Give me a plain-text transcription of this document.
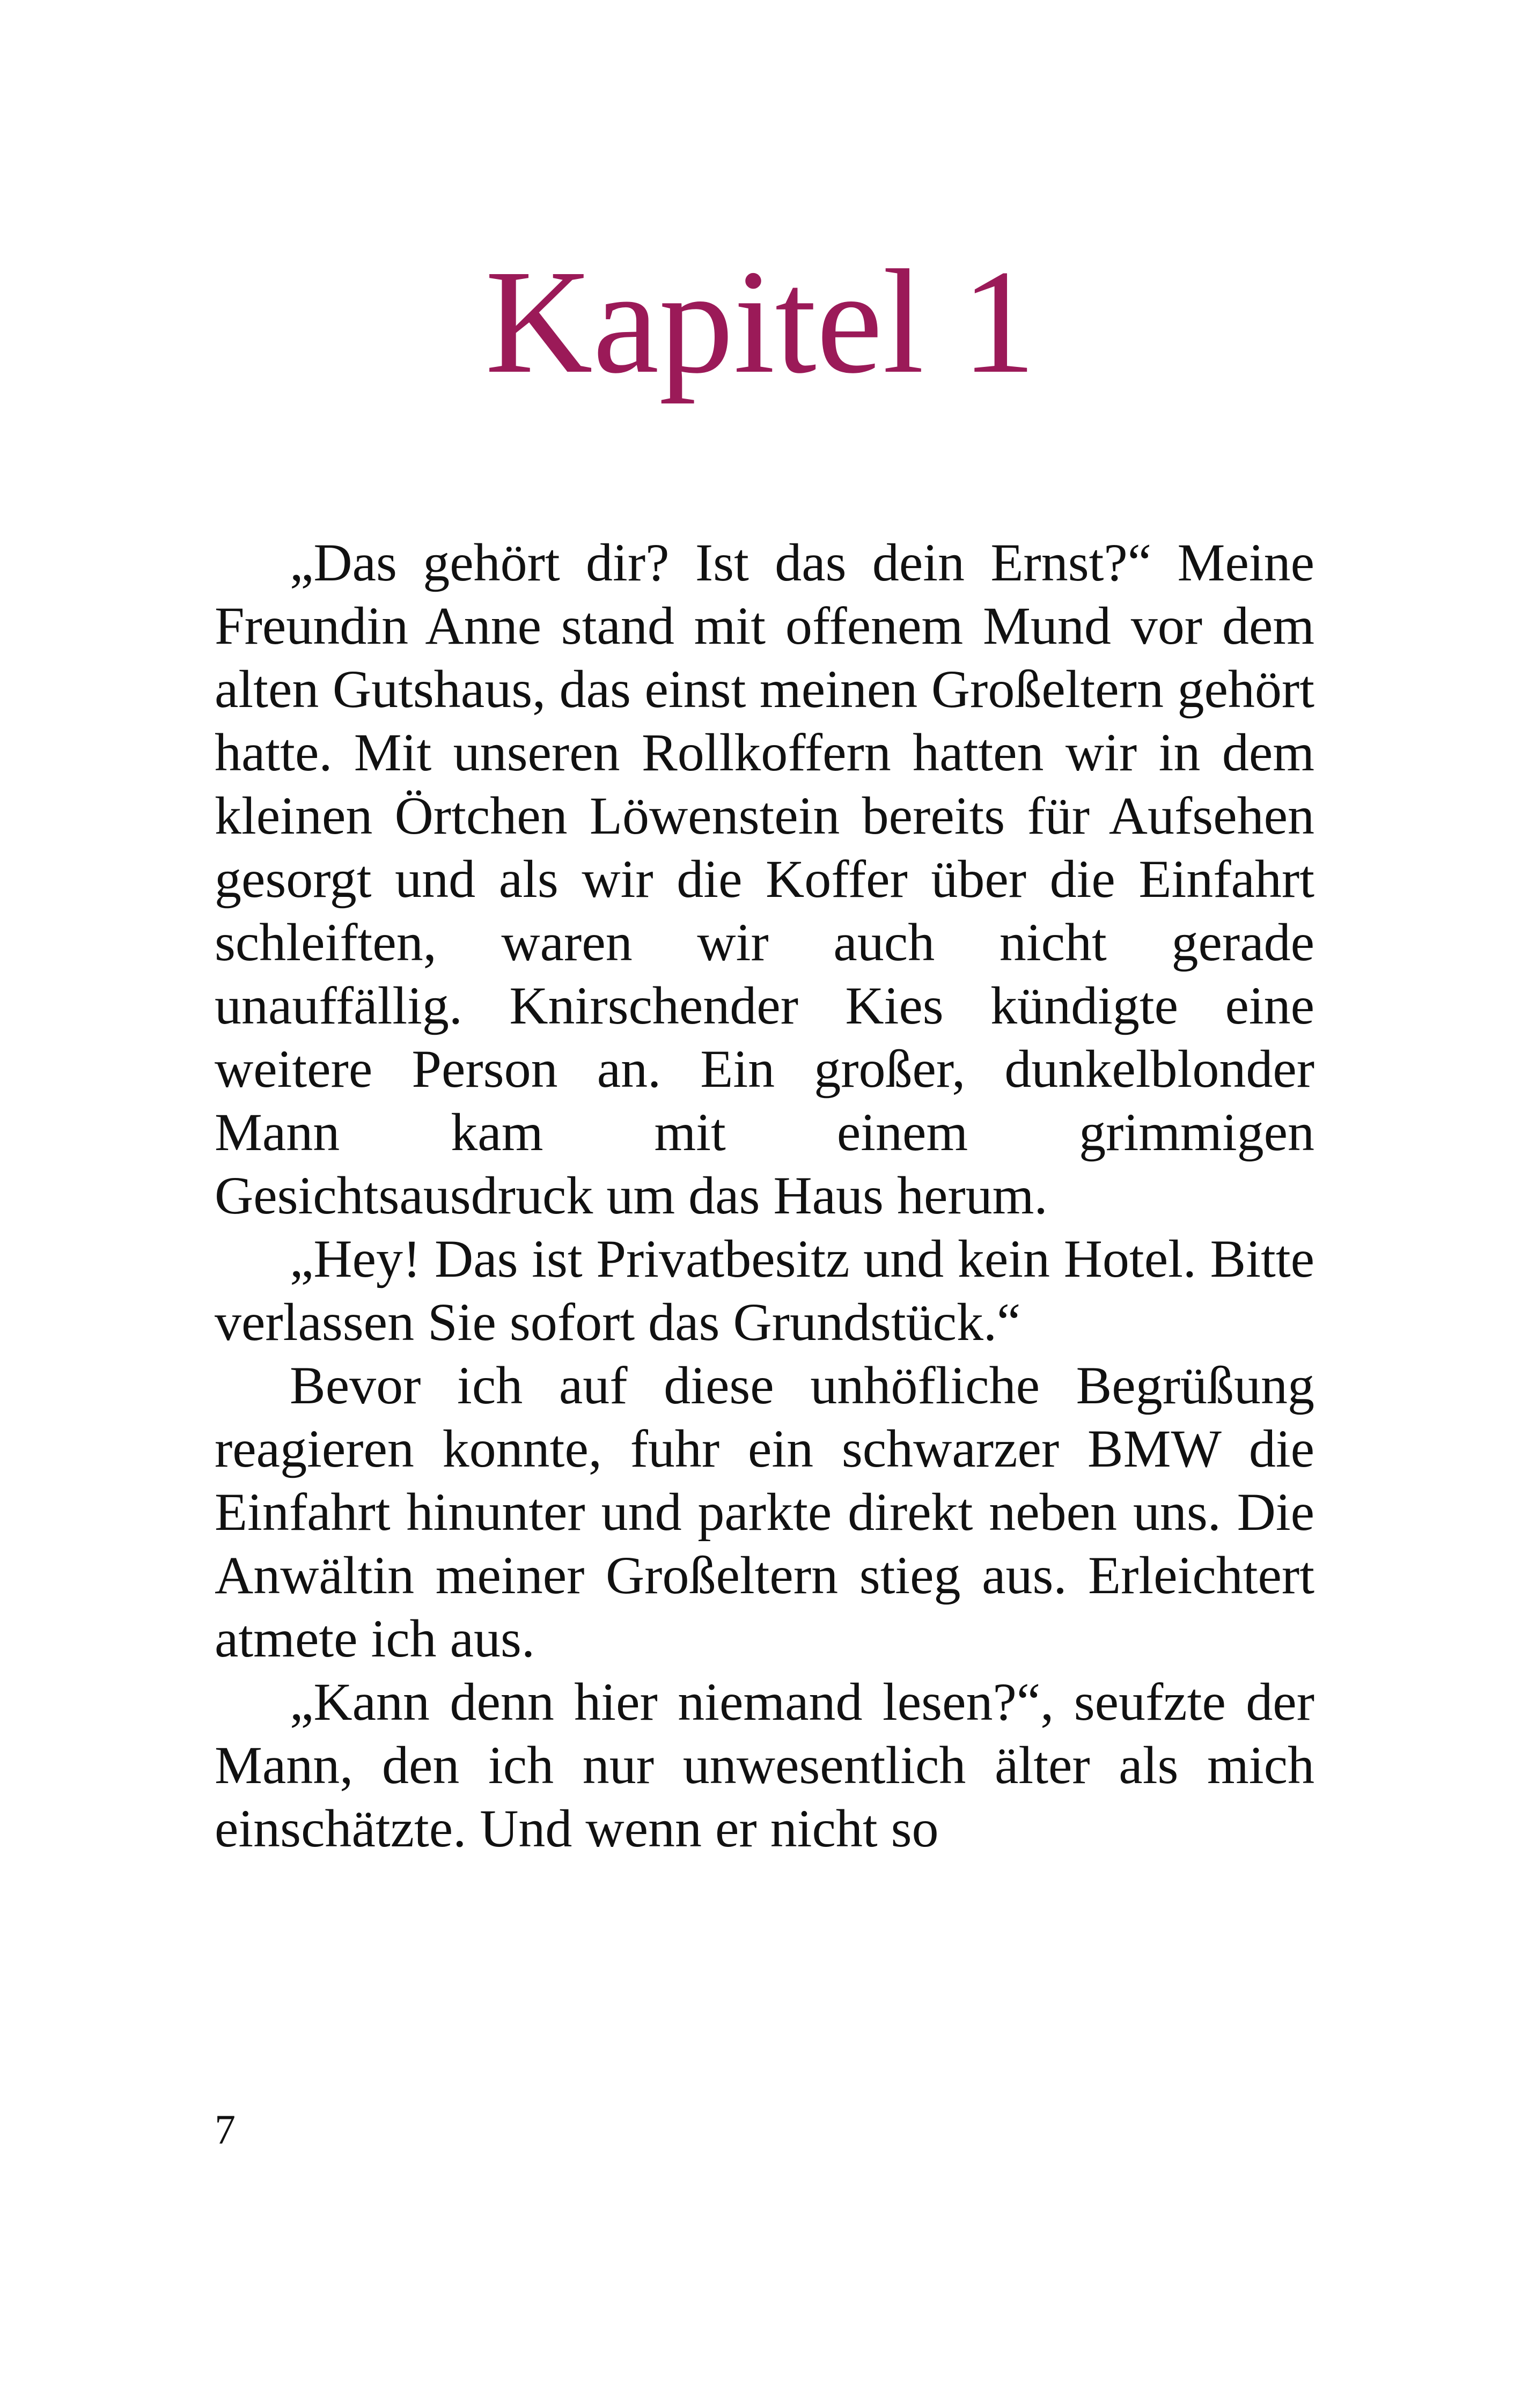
Kapitel 1

„Das gehört dir? Ist das dein Ernst?“ Meine Freundin Anne stand mit offenem Mund vor dem alten Gutshaus, das einst meinen Großeltern gehört hatte. Mit unseren Rollkoffern hatten wir in dem kleinen Örtchen Löwenstein bereits für Aufsehen gesorgt und als wir die Koffer über die Einfahrt schleiften, waren wir auch nicht gerade unauffällig. Knirschender Kies kündigte eine weitere Person an. Ein großer, dunkelblonder Mann kam mit einem grimmigen Gesichtsausdruck um das Haus herum.

„Hey! Das ist Privatbesitz und kein Hotel. Bitte verlassen Sie sofort das Grundstück.“

Bevor ich auf diese unhöfliche Begrüßung reagieren konnte, fuhr ein schwarzer BMW die Einfahrt hinunter und parkte direkt neben uns. Die Anwältin meiner Großeltern stieg aus. Erleichtert atmete ich aus.

„Kann denn hier niemand lesen?“, seufzte der Mann, den ich nur unwesentlich älter als mich einschätzte. Und wenn er nicht so

7
